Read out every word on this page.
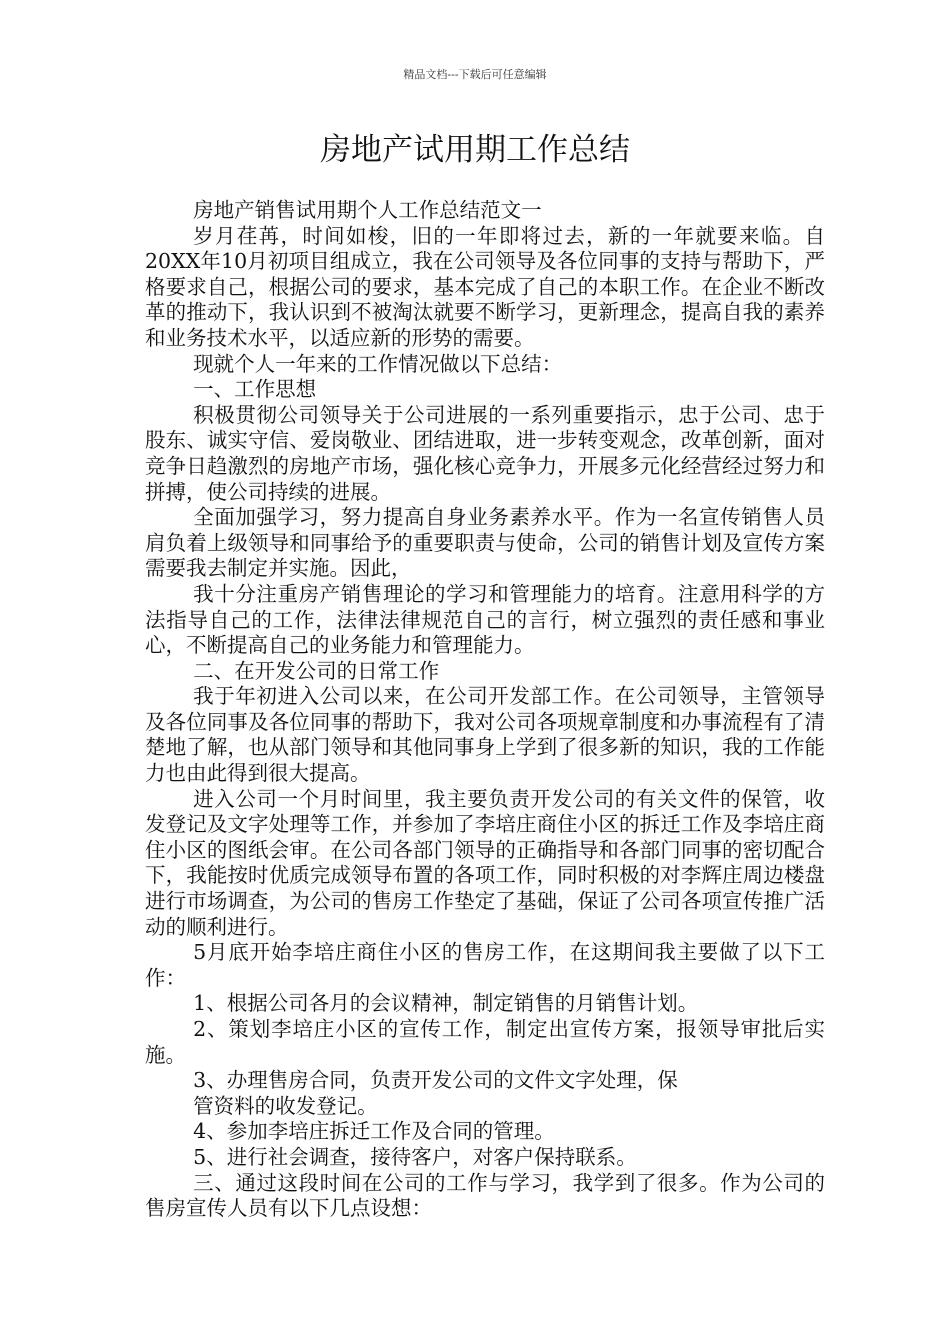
精品文档---下载后可任意编辑
房地产试用期工作总结

房地产销售试用期个人工作总结范文一

岁月荏苒，时间如梭，旧的一年即将过去，新的一年就要来临。自20XX年10月初项目组成立，我在公司领导及各位同事的支持与帮助下，严格要求自己，根据公司的要求，基本完成了自己的本职工作。在企业不断改革的推动下，我认识到不被淘汰就要不断学习，更新理念，提高自我的素养和业务技术水平，以适应新的形势的需要。

现就个人一年来的工作情况做以下总结：

一、工作思想

积极贯彻公司领导关于公司进展的一系列重要指示，忠于公司、忠于股东、诚实守信、爱岗敬业、团结进取，进一步转变观念，改革创新，面对竞争日趋激烈的房地产市场，强化核心竞争力，开展多元化经营经过努力和拼搏，使公司持续的进展。

全面加强学习，努力提高自身业务素养水平。作为一名宣传销售人员肩负着上级领导和同事给予的重要职责与使命，公司的销售计划及宣传方案需要我去制定并实施。因此，

我十分注重房产销售理论的学习和管理能力的培育。注意用科学的方法指导自己的工作，法律法律规范自己的言行，树立强烈的责任感和事业心，不断提高自己的业务能力和管理能力。

二、在开发公司的日常工作

我于年初进入公司以来，在公司开发部工作。在公司领导，主管领导及各位同事及各位同事的帮助下，我对公司各项规章制度和办事流程有了清楚地了解，也从部门领导和其他同事身上学到了很多新的知识，我的工作能力也由此得到很大提高。

进入公司一个月时间里，我主要负责开发公司的有关文件的保管，收发登记及文字处理等工作，并参加了李培庄商住小区的拆迁工作及李培庄商住小区的图纸会审。在公司各部门领导的正确指导和各部门同事的密切配合下，我能按时优质完成领导布置的各项工作，同时积极的对李辉庄周边楼盘进行市场调查，为公司的售房工作垫定了基础，保证了公司各项宣传推广活动的顺利进行。

5月底开始李培庄商住小区的售房工作，在这期间我主要做了以下工作：

1、根据公司各月的会议精神，制定销售的月销售计划。

2、策划李培庄小区的宣传工作，制定出宣传方案，报领导审批后实施。

3、办理售房合同，负责开发公司的文件文字处理，保

管资料的收发登记。

4、参加李培庄拆迁工作及合同的管理。

5、进行社会调查，接待客户，对客户保持联系。

三、通过这段时间在公司的工作与学习，我学到了很多。作为公司的售房宣传人员有以下几点设想：
